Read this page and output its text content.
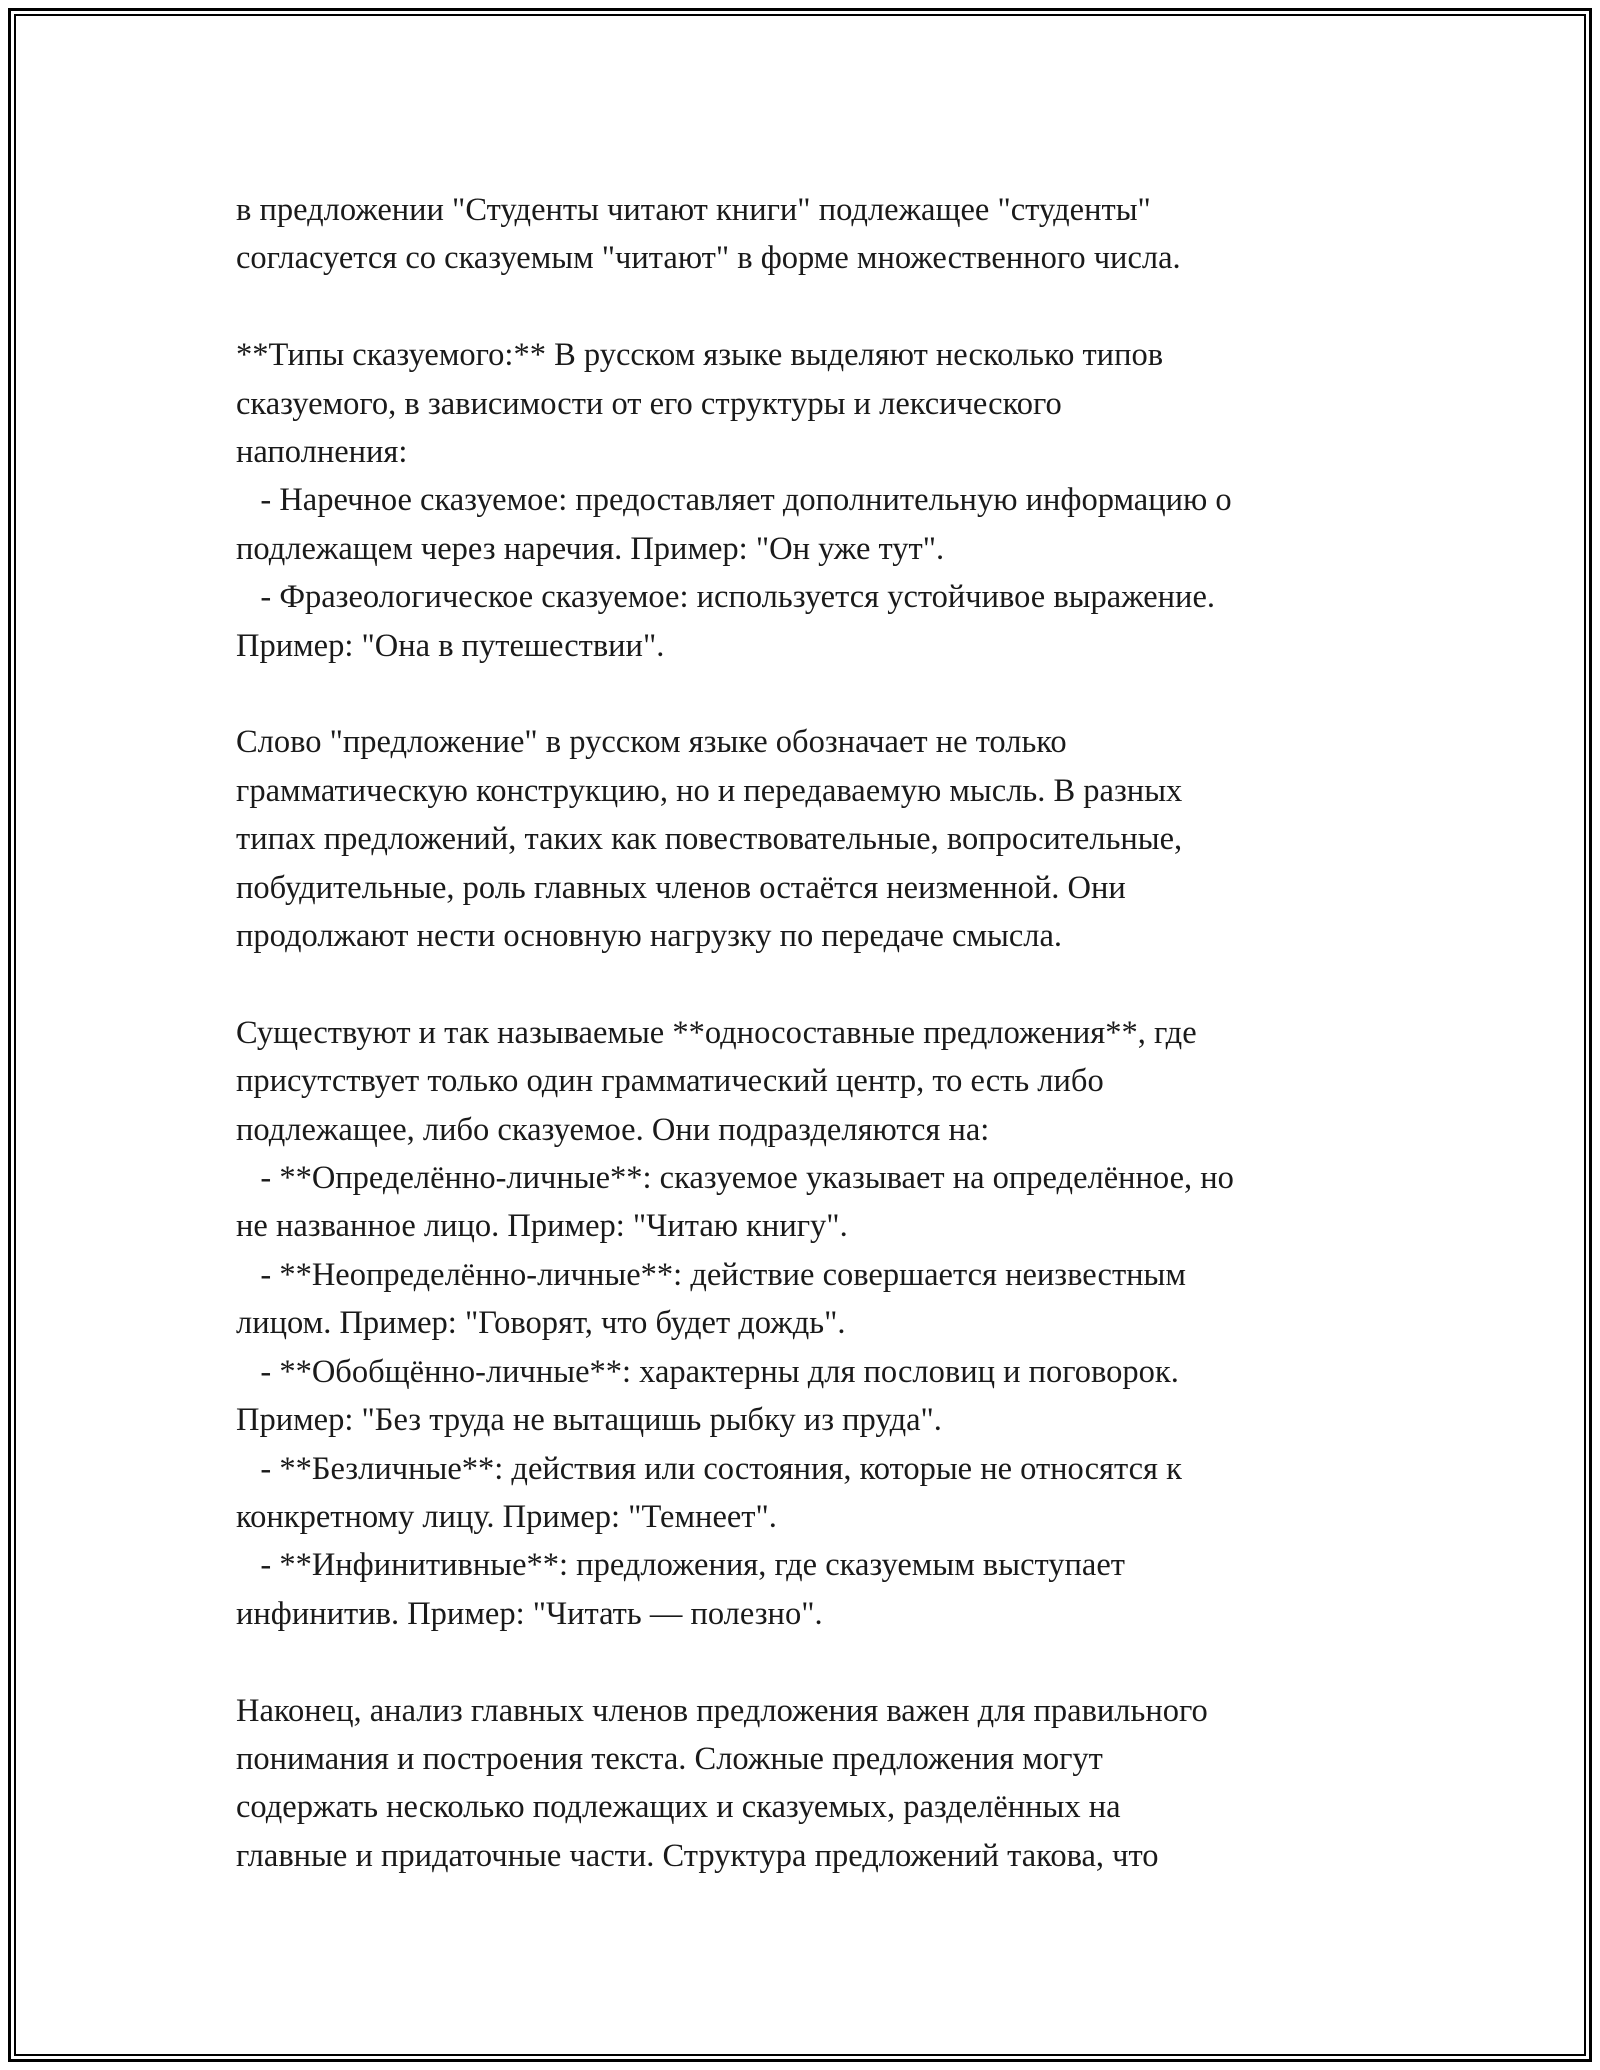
в предложении "Студенты читают книги" подлежащее "студенты"
согласуется со сказуемым "читают" в форме множественного числа.
**Типы сказуемого:** В русском языке выделяют несколько типов
сказуемого, в зависимости от его структуры и лексического
наполнения:
- Наречное сказуемое: предоставляет дополнительную информацию о
подлежащем через наречия. Пример: "Он уже тут".
- Фразеологическое сказуемое: используется устойчивое выражение.
Пример: "Она в путешествии".
Слово "предложение" в русском языке обозначает не только
грамматическую конструкцию, но и передаваемую мысль. В разных
типах предложений, таких как повествовательные, вопросительные,
побудительные, роль главных членов остаётся неизменной. Они
продолжают нести основную нагрузку по передаче смысла.
Существуют и так называемые **односоставные предложения**, где
присутствует только один грамматический центр, то есть либо
подлежащее, либо сказуемое. Они подразделяются на:
- **Определённо-личные**: сказуемое указывает на определённое, но
не названное лицо. Пример: "Читаю книгу".
- **Неопределённо-личные**: действие совершается неизвестным
лицом. Пример: "Говорят, что будет дождь".
- **Обобщённо-личные**: характерны для пословиц и поговорок.
Пример: "Без труда не вытащишь рыбку из пруда".
- **Безличные**: действия или состояния, которые не относятся к
конкретному лицу. Пример: "Темнеет".
- **Инфинитивные**: предложения, где сказуемым выступает
инфинитив. Пример: "Читать — полезно".
Наконец, анализ главных членов предложения важен для правильного
понимания и построения текста. Сложные предложения могут
содержать несколько подлежащих и сказуемых, разделённых на
главные и придаточные части. Структура предложений такова, что
